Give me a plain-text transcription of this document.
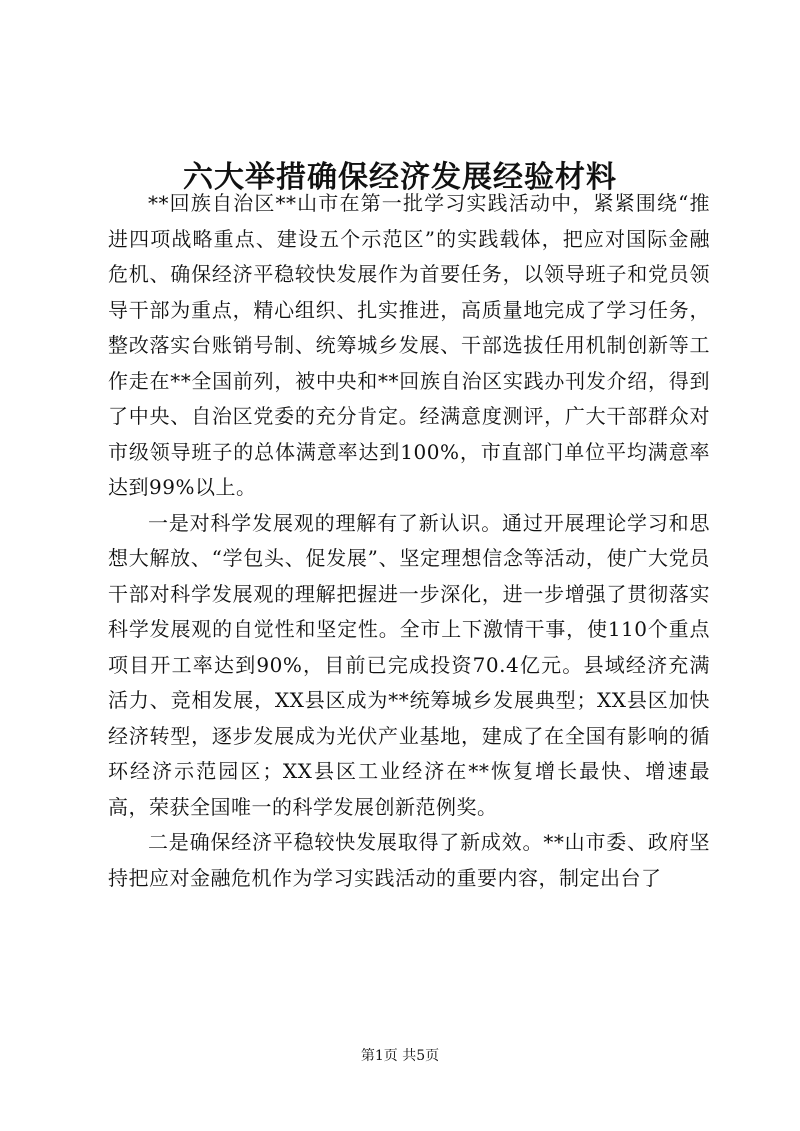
六大举措确保经济发展经验材料

**回族自治区**山市在第一批学习实践活动中，紧紧围绕“推进四项战略重点、建设五个示范区”的实践载体，把应对国际金融危机、确保经济平稳较快发展作为首要任务，以领导班子和党员领导干部为重点，精心组织、扎实推进，高质量地完成了学习任务，整改落实台账销号制、统筹城乡发展、干部选拔任用机制创新等工作走在**全国前列，被中央和**回族自治区实践办刊发介绍，得到了中央、自治区党委的充分肯定。经满意度测评，广大干部群众对市级领导班子的总体满意率达到100%，市直部门单位平均满意率达到99%以上。

一是对科学发展观的理解有了新认识。通过开展理论学习和思想大解放、“学包头、促发展”、坚定理想信念等活动，使广大党员干部对科学发展观的理解把握进一步深化，进一步增强了贯彻落实科学发展观的自觉性和坚定性。全市上下激情干事，使110个重点项目开工率达到90%，目前已完成投资70.4亿元。县域经济充满活力、竞相发展，XX县区成为**统筹城乡发展典型；XX县区加快经济转型，逐步发展成为光伏产业基地，建成了在全国有影响的循环经济示范园区；XX县区工业经济在**恢复增长最快、增速最高，荣获全国唯一的科学发展创新范例奖。

二是确保经济平稳较快发展取得了新成效。**山市委、政府坚持把应对金融危机作为学习实践活动的重要内容，制定出台了

第1页 共5页
